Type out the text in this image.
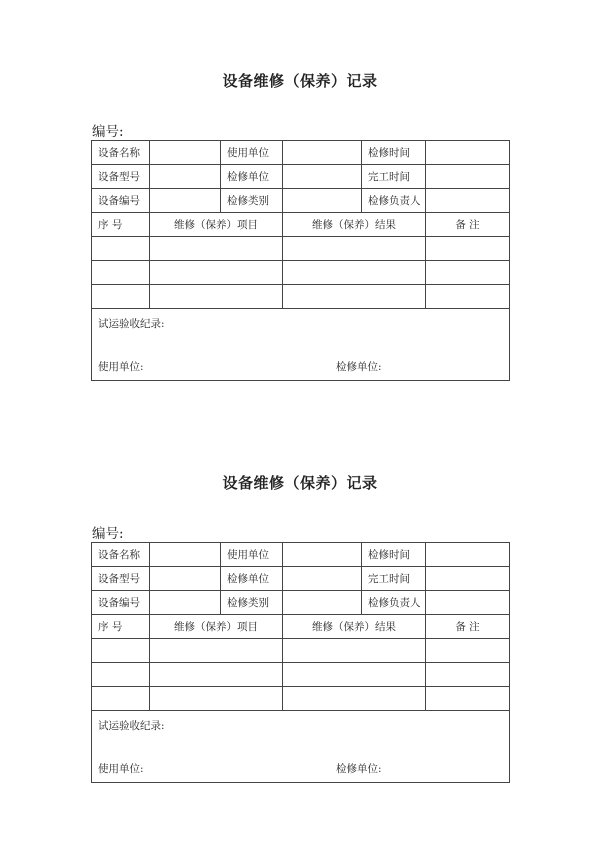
设备维修（保养）记录
编号:
设备名称		使用单位		检修时间	
设备型号		检修单位		完工时间	
设备编号		检修类别		检修负责人	
序 号	维修（保养）项目		维修（保养）结果		备 注

试运验收纪录:
使用单位: 检修单位:					
设备维修（保养）记录
编号:
设备名称		使用单位		检修时间	
设备型号		检修单位		完工时间	
设备编号		检修类别		检修负责人	
序 号	维修（保养）项目		维修（保养）结果		备 注

试运验收纪录:
使用单位: 检修单位:					
